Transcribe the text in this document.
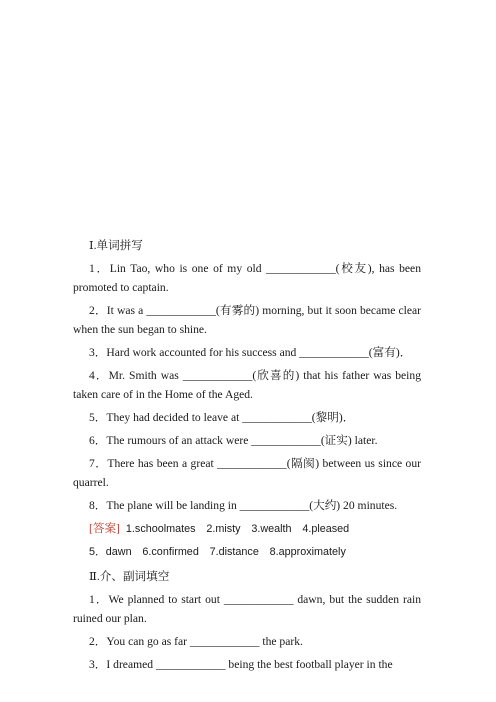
Ⅰ.单词拼写

1．Lin Tao, who is one of my old ____________(校友), has been promoted to captain.

2．It was a ____________(有雾的) morning, but it soon became clear when the sun began to shine.

3．Hard work accounted for his success and ____________(富有)．

4．Mr. Smith was ____________(欣喜的) that his father was being taken care of in the Home of the Aged.

5．They had decided to leave at ____________(黎明)．

6．The rumours of an attack were ____________(证实) later.

7．There has been a great ____________(隔阂) between us since our quarrel.

8．The plane will be landing in ____________(大约) 20 minutes.

[答案] 1.schoolmates　2.misty　3.wealth　4.pleased
5．dawn　6.confirmed　7.distance　8.approximately
Ⅱ.介、副词填空

1．We planned to start out ____________ dawn, but the sudden rain ruined our plan.

2．You can go as far ____________ the park.

3．I dreamed ____________ being the best football player in the
